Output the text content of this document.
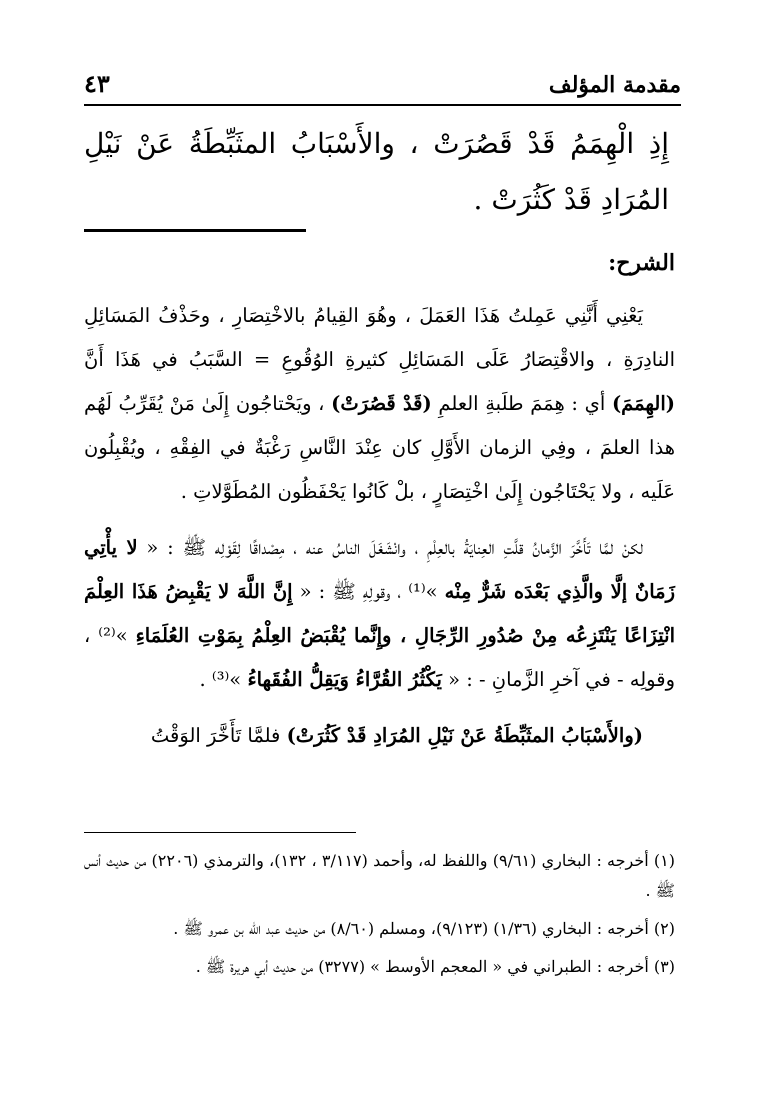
مقدمة المؤلف
٤٣
إِذِ الْهِمَمُ قَدْ قَصُرَتْ ، والأَسْبَابُ المثَبِّطَةُ عَنْ نَيْلِ المُرَادِ قَدْ كَثُرَتْ .
الشرح:

يَعْنِي أَنَّنِي عَمِلتُ هَذَا العَمَلَ ، وهُوَ القِيامُ بالاخْتِصَارِ ، وحَذْفُ المَسَائِلِ النادِرَةِ ، والاقْتِصَارُ عَلَى المَسَائِلِ كثيرةِ الوُقُوعِ = السَّبَبُ في هَذَا أَنَّ (الهِمَمَ) أي : هِمَمَ طلَبةِ العلمِ (قَدْ قَصُرَتْ) ، ويَحْتاجُون إِلَىٰ مَنْ يُقَرِّبُ لَهُم هذا العلمَ ، وفِي الزمان الأَوَّلِ كان عِنْدَ النَّاسِ رَغْبَةٌ في الفِقْهِ ، ويُقْبِلُون عَلَيه ، ولا يَحْتَاجُون إِلَىٰ اخْتِصَارٍ ، بلْ كَانُوا يَحْفَظُون المُطَوَّلاتِ .

لكنْ لمَّا تَأَخَّرَ الزَّمانُ قلَّتِ العِنايَةُ بالعِلْمِ ، وانْشَغَلَ الناسُ عنه ، مِصْداقًا لِقَوْلِه ﷺ : « لا يأْتِي زَمَانٌ إلَّا والَّذِي بَعْدَه شَرٌّ مِنْه »⁽¹⁾ ، وقولِهِ ﷺ : « إِنَّ اللَّهَ لا يَقْبِضُ هَذَا العِلْمَ انْتِزَاعًا يَنْتَزِعُه مِنْ صُدُورِ الرِّجَالِ ، وإِنَّما يُقْبَضُ العِلْمُ بِمَوْتِ العُلَمَاءِ »⁽²⁾ ، وقولِه - في آخرِ الزَّمانِ - : « يَكْثُرُ القُرَّاءُ وَيَقِلُّ الفُقَهاءُ »⁽³⁾ .

(والأَسْبَابُ المثَبِّطَةُ عَنْ نَيْلِ المُرَادِ قَدْ كَثُرَتْ) فلمَّا تَأَخَّرَ الوَقْتُ

(١) أخرجه : البخاري (٩/٦١) واللفظ له، وأحمد (٣/١١٧ ، ١٣٢)، والترمذي (٢٢٠٦) من حديث أنس ﷺ .

(٢) أخرجه : البخاري (١/٣٦) (٩/١٢٣)، ومسلم (٨/٦٠) من حديث عبد اللّٰه بن عمرو ﷺ .

(٣) أخرجه : الطبراني في « المعجم الأوسط » (٣٢٧٧) من حديث أبي هريرة ﷺ .
